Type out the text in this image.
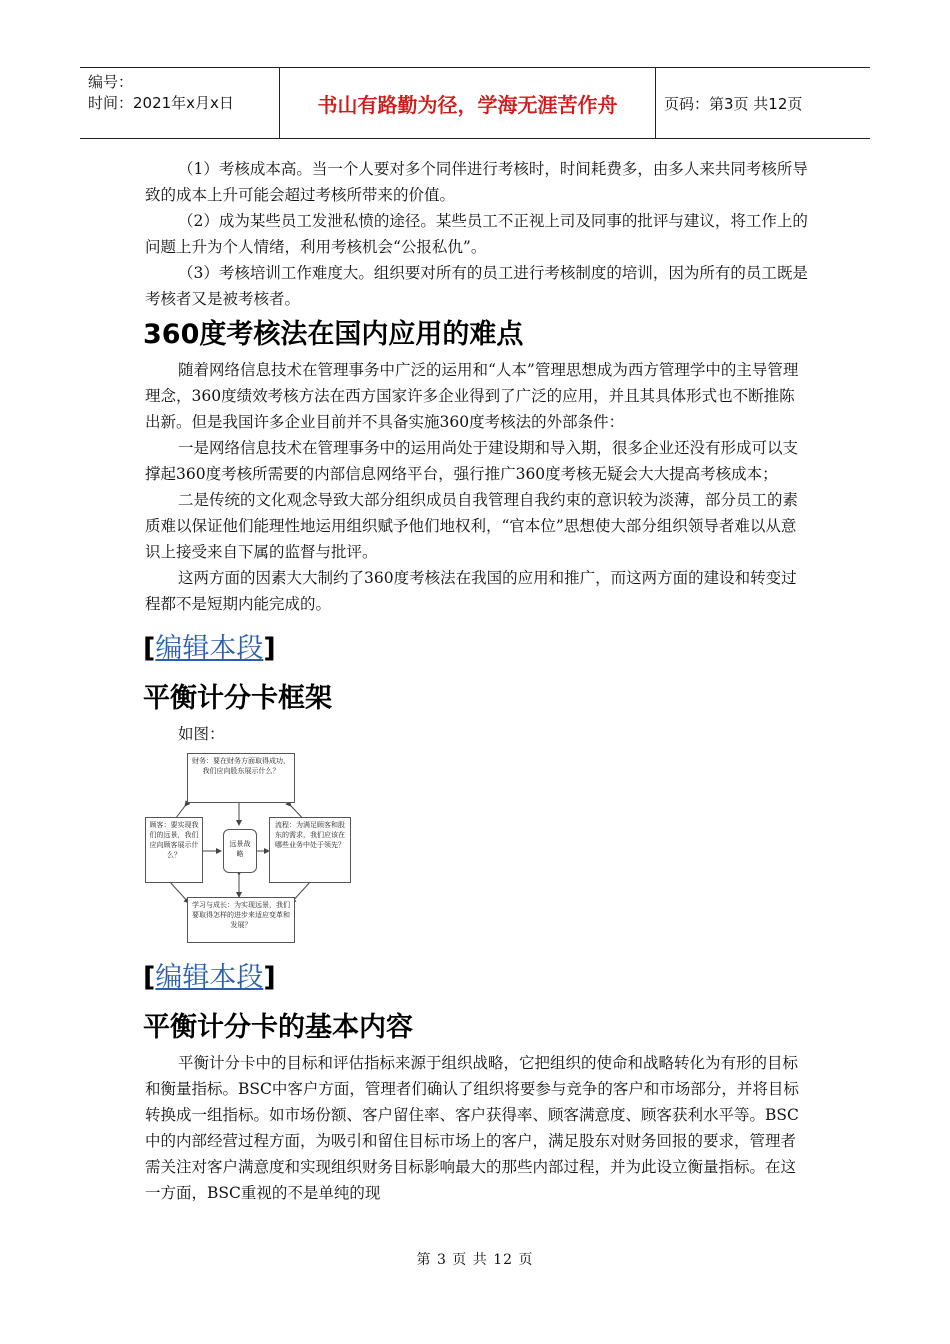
编号：
时间：2021年x月x日	书山有路勤为径，学海无涯苦作舟	页码：第3页 共12页

（1）考核成本高。当一个人要对多个同伴进行考核时，时间耗费多，由多人来共同考核所导致的成本上升可能会超过考核所带来的价值。

（2）成为某些员工发泄私愤的途径。某些员工不正视上司及同事的批评与建议，将工作上的问题上升为个人情绪，利用考核机会“公报私仇”。

（3）考核培训工作难度大。组织要对所有的员工进行考核制度的培训，因为所有的员工既是考核者又是被考核者。

360度考核法在国内应用的难点

随着网络信息技术在管理事务中广泛的运用和“人本”管理思想成为西方管理学中的主导管理理念，360度绩效考核方法在西方国家许多企业得到了广泛的应用，并且其具体形式也不断推陈出新。但是我国许多企业目前并不具备实施360度考核法的外部条件：

一是网络信息技术在管理事务中的运用尚处于建设期和导入期，很多企业还没有形成可以支撑起360度考核所需要的内部信息网络平台，强行推广360度考核无疑会大大提高考核成本；

二是传统的文化观念导致大部分组织成员自我管理自我约束的意识较为淡薄，部分员工的素质难以保证他们能理性地运用组织赋予他们地权利，“官本位”思想使大部分组织领导者难以从意识上接受来自下属的监督与批评。

这两方面的因素大大制约了360度考核法在我国的应用和推广，而这两方面的建设和转变过程都不是短期内能完成的。

[编辑本段]
平衡计分卡框架
如图：
财务：要在财务方面取得成功，我们应向股东展示什么？
顾客：要实现我们的远景，我们应向顾客展示什么？
流程：为满足顾客和股东的需求，我们应该在哪些业务中处于领先？
学习与成长：为实现远景，我们要取得怎样的进步来适应变革和发展？
远景战略
[编辑本段]
平衡计分卡的基本内容

平衡计分卡中的目标和评估指标来源于组织战略，它把组织的使命和战略转化为有形的目标和衡量指标。BSC中客户方面，管理者们确认了组织将要参与竞争的客户和市场部分，并将目标转换成一组指标。如市场份额、客户留住率、客户获得率、顾客满意度、顾客获利水平等。BSC中的内部经营过程方面，为吸引和留住目标市场上的客户，满足股东对财务回报的要求，管理者需关注对客户满意度和实现组织财务目标影响最大的那些内部过程，并为此设立衡量指标。在这一方面，BSC重视的不是单纯的现

第 3 页 共 12 页
